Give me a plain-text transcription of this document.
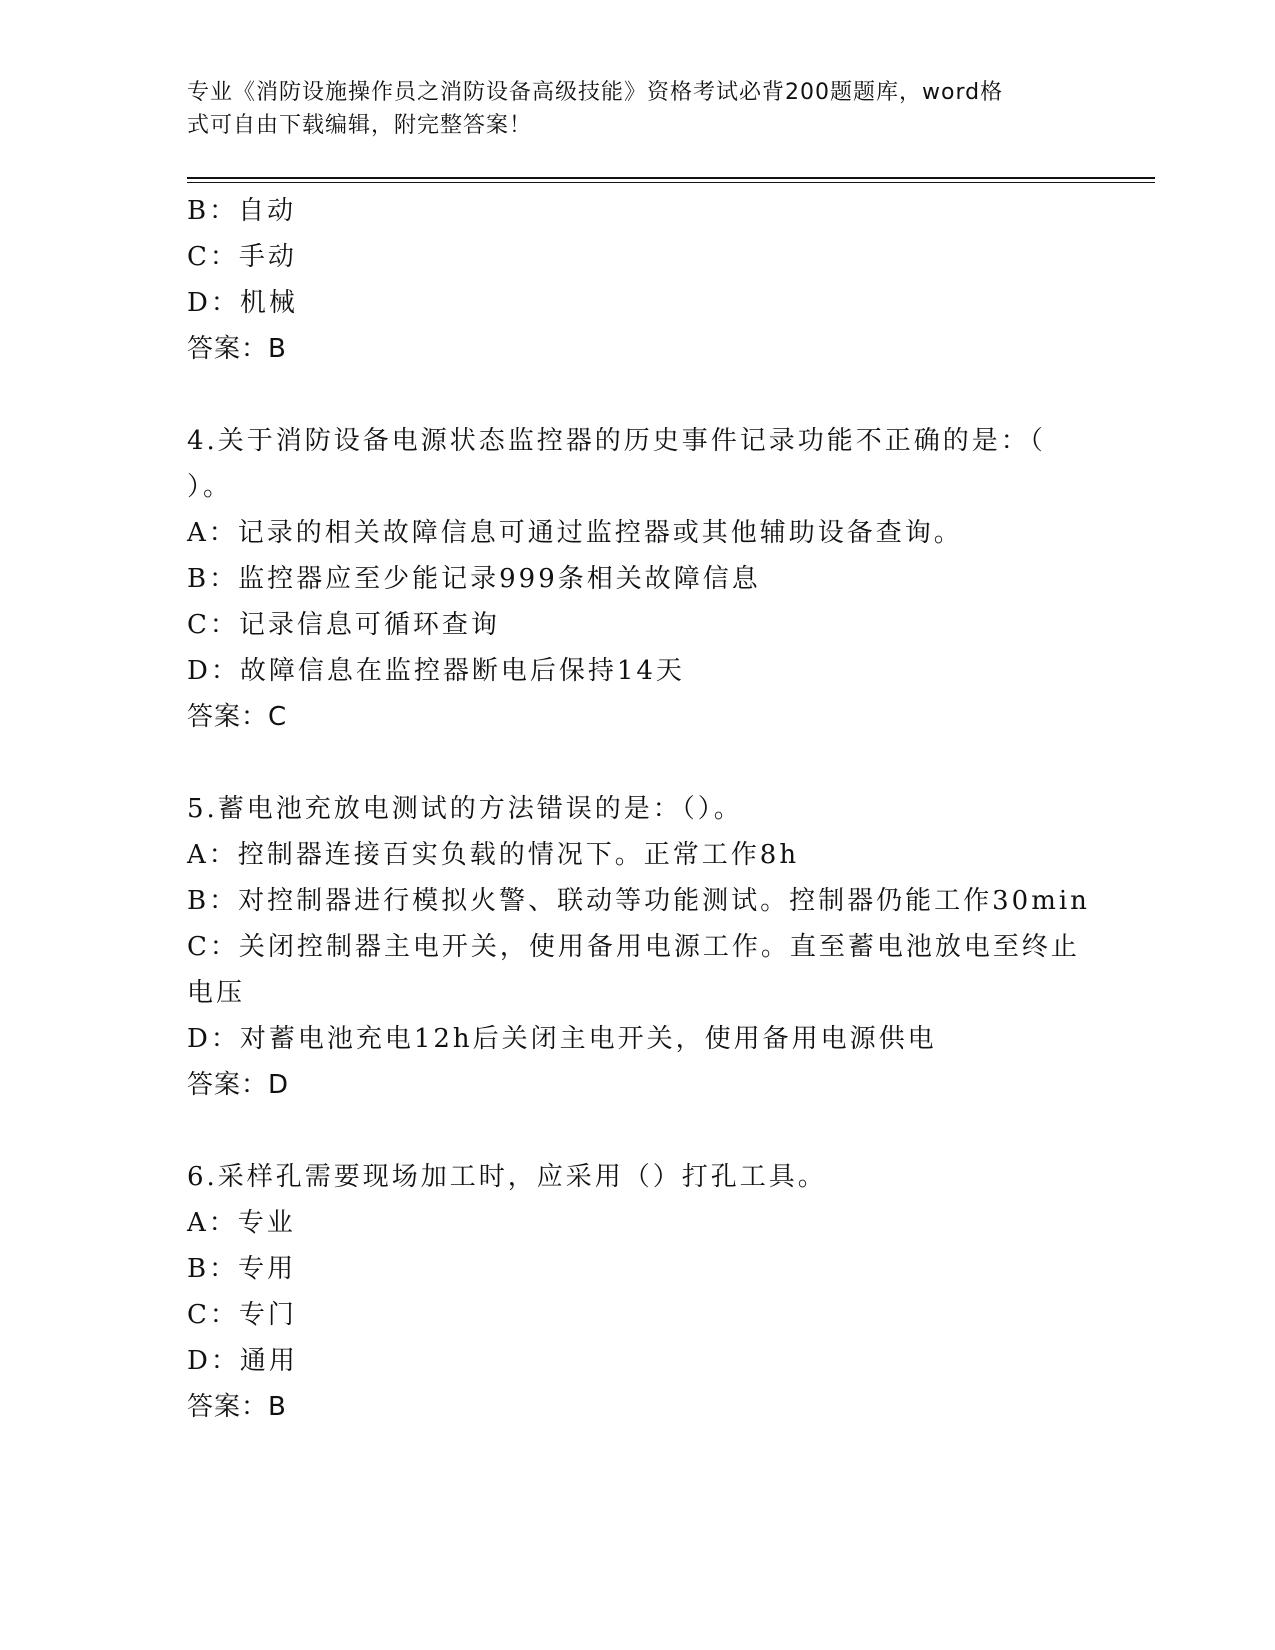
专业《消防设施操作员之消防设备高级技能》资格考试必背200题题库，word格
式可自由下载编辑，附完整答案！
B：自动
C：手动
D：机械
答案：B
4.关于消防设备电源状态监控器的历史事件记录功能不正确的是：（
）。
A：记录的相关故障信息可通过监控器或其他辅助设备查询。
B：监控器应至少能记录999条相关故障信息
C：记录信息可循环查询
D：故障信息在监控器断电后保持14天
答案：C
5.蓄电池充放电测试的方法错误的是：（）。
A：控制器连接百实负载的情况下。正常工作8h
B：对控制器进行模拟火警、联动等功能测试。控制器仍能工作30min
C：关闭控制器主电开关，使用备用电源工作。直至蓄电池放电至终止
电压
D：对蓄电池充电12h后关闭主电开关，使用备用电源供电
答案：D
6.采样孔需要现场加工时，应采用（）打孔工具。
A：专业
B：专用
C：专门
D：通用
答案：B
